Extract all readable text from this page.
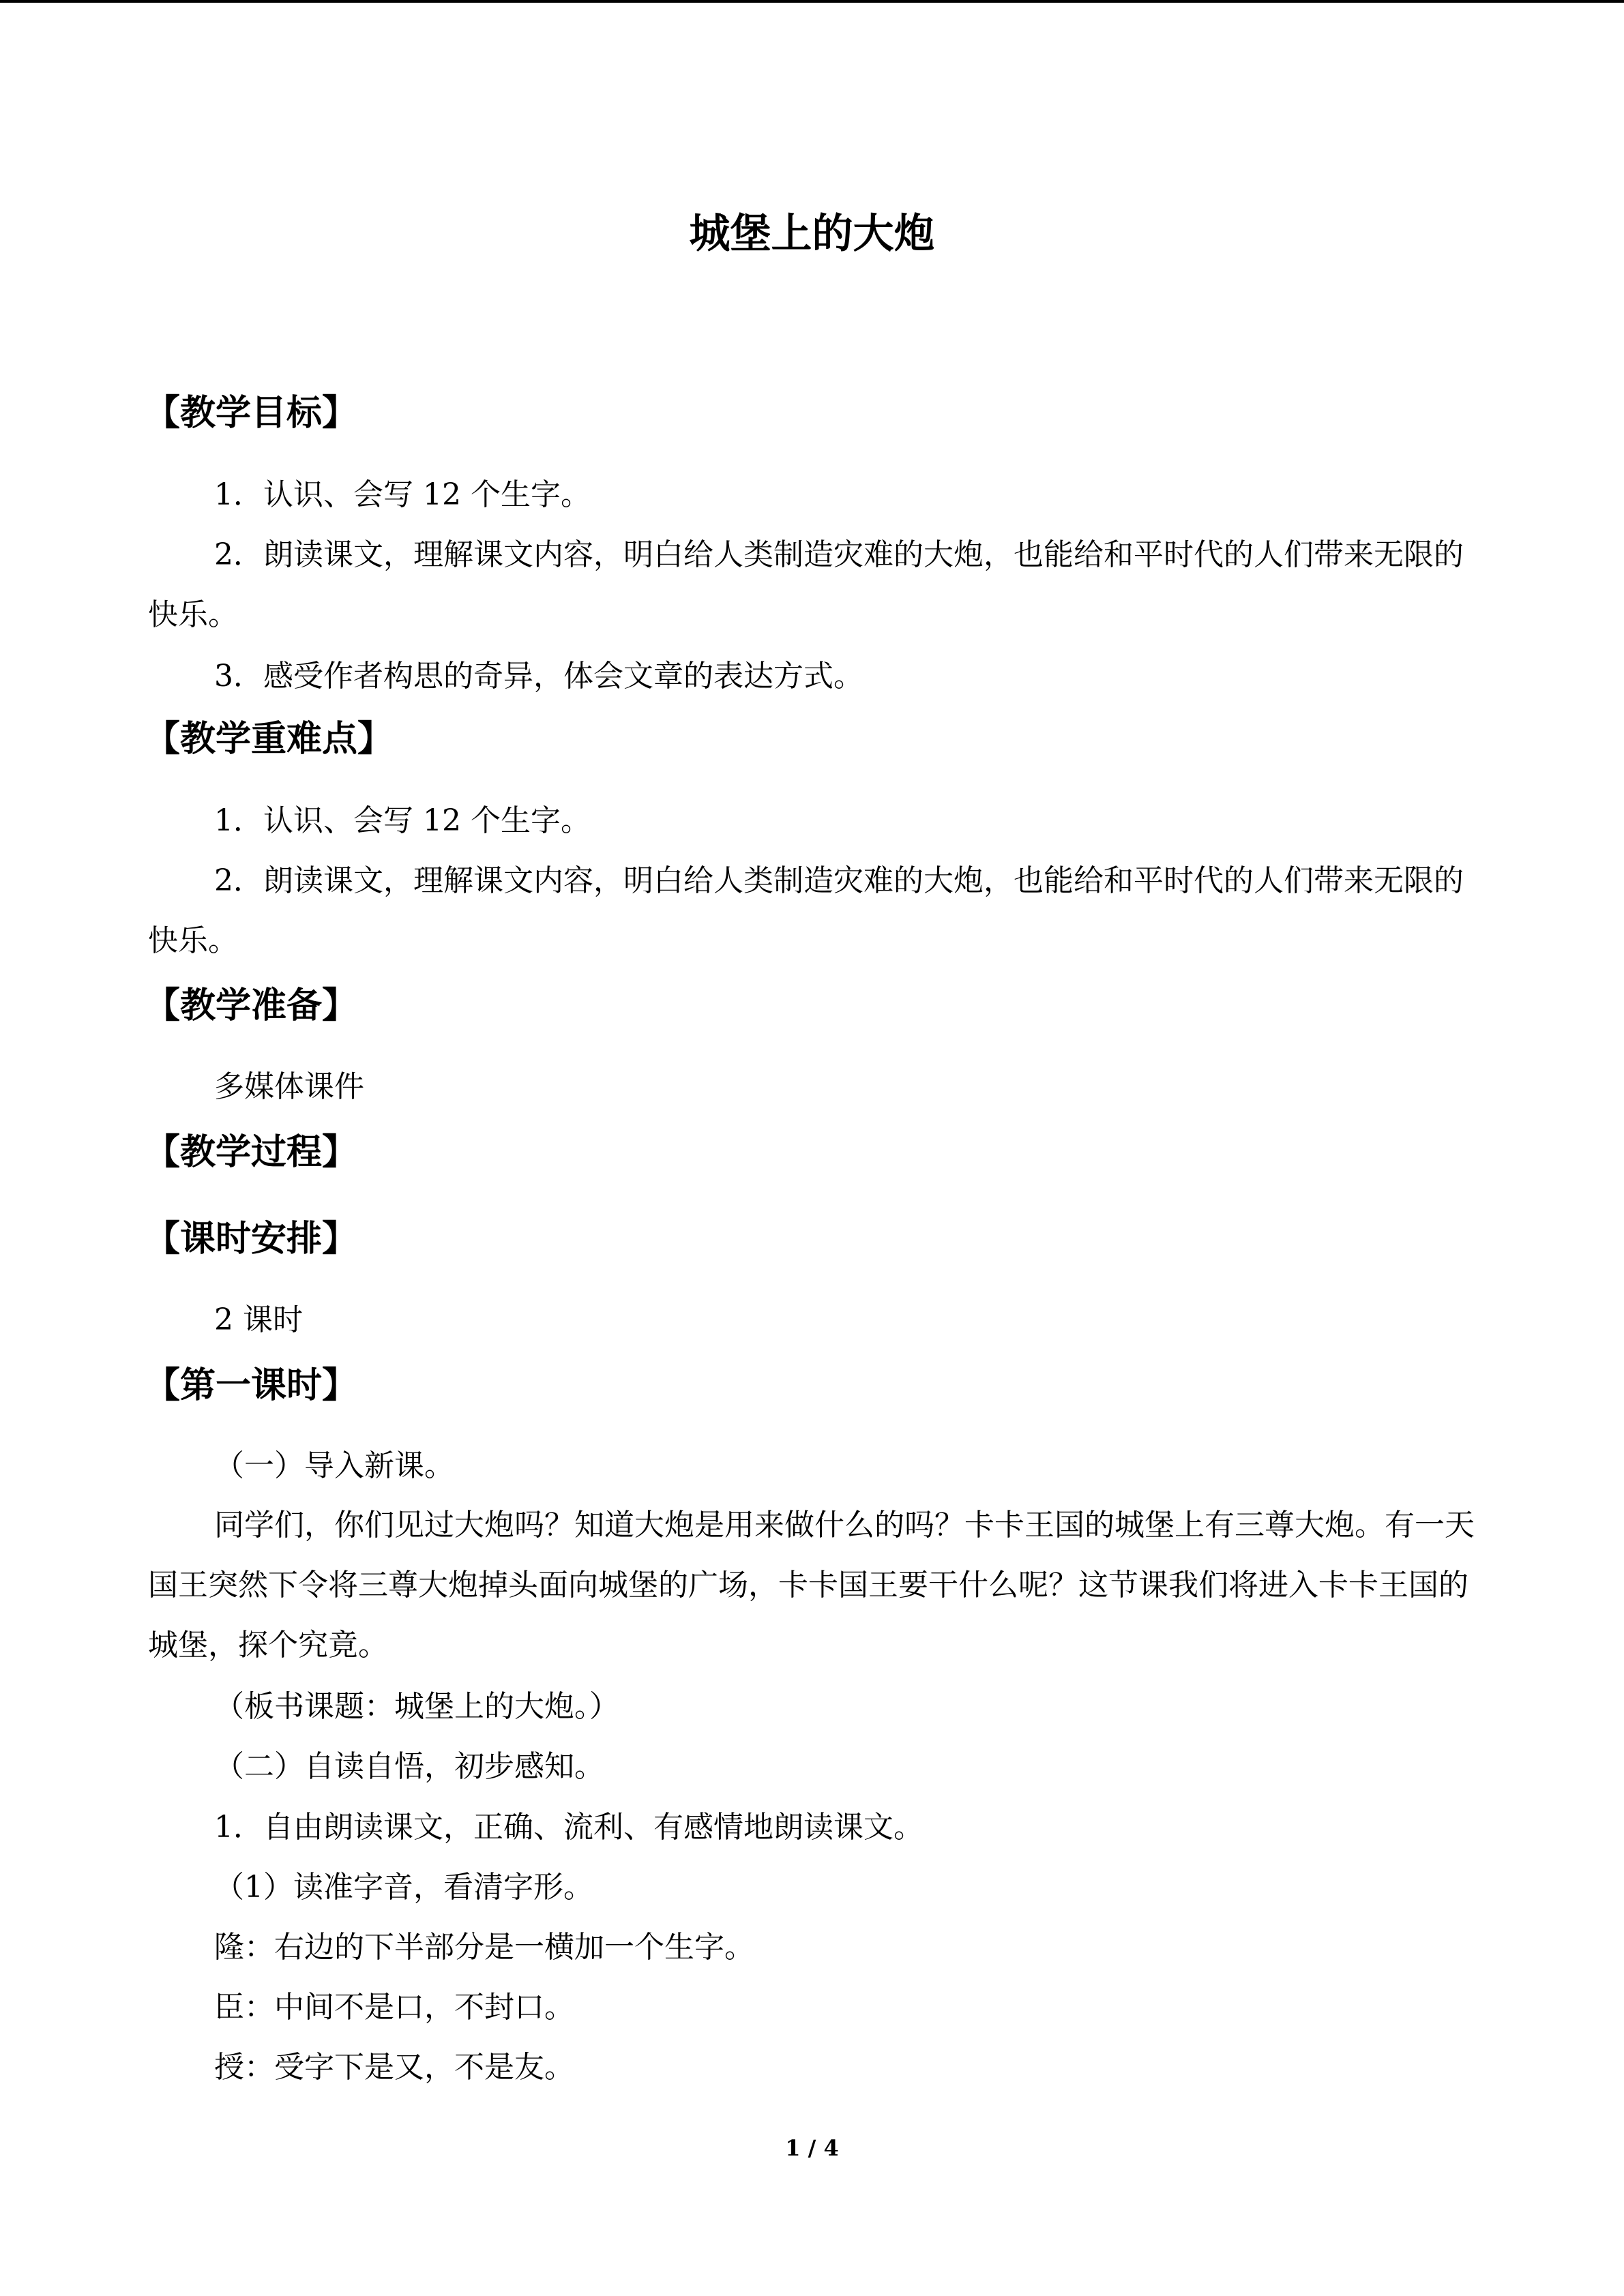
城堡上的大炮
【教学目标】

1．认识、会写 12 个生字。

2．朗读课文，理解课文内容，明白给人类制造灾难的大炮，也能给和平时代的人们带来无限的快乐。

3．感受作者构思的奇异，体会文章的表达方式。

【教学重难点】

1．认识、会写 12 个生字。

2．朗读课文，理解课文内容，明白给人类制造灾难的大炮，也能给和平时代的人们带来无限的快乐。

【教学准备】

多媒体课件

【教学过程】
【课时安排】

2 课时

【第一课时】

（一）导入新课。

同学们，你们见过大炮吗？知道大炮是用来做什么的吗？卡卡王国的城堡上有三尊大炮。有一天国王突然下令将三尊大炮掉头面向城堡的广场，卡卡国王要干什么呢？这节课我们将进入卡卡王国的城堡，探个究竟。

（板书课题：城堡上的大炮。）

（二）自读自悟，初步感知。

1．自由朗读课文，正确、流利、有感情地朗读课文。

（1）读准字音，看清字形。

隆：右边的下半部分是一横加一个生字。

臣：中间不是口，不封口。

授：受字下是又，不是友。

1 / 4
